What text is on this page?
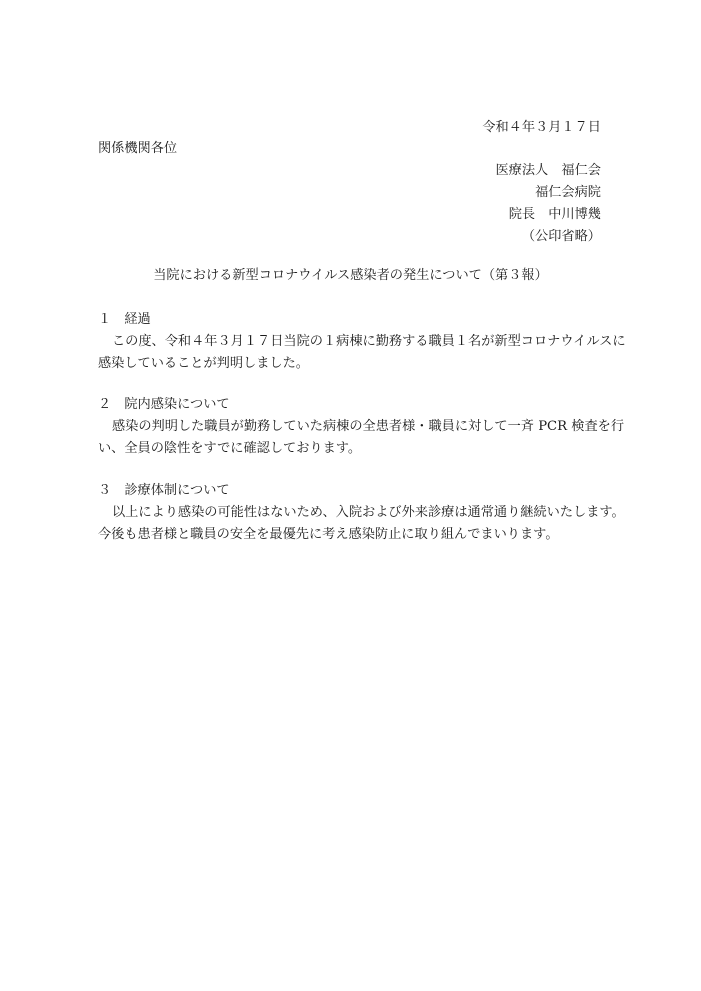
令和４年３月１７日
関係機関各位
医療法人　福仁会
福仁会病院
院長　中川博幾
（公印省略）
当院における新型コロナウイルス感染者の発生について（第３報）
１　経過
この度、令和４年３月１７日当院の１病棟に勤務する職員１名が新型コロナウイルスに
感染していることが判明しました。
２　院内感染について
感染の判明した職員が勤務していた病棟の全患者様・職員に対して一斉 PCR 検査を行
い、全員の陰性をすでに確認しております。
３　診療体制について
以上により感染の可能性はないため、入院および外来診療は通常通り継続いたします。
今後も患者様と職員の安全を最優先に考え感染防止に取り組んでまいります。
